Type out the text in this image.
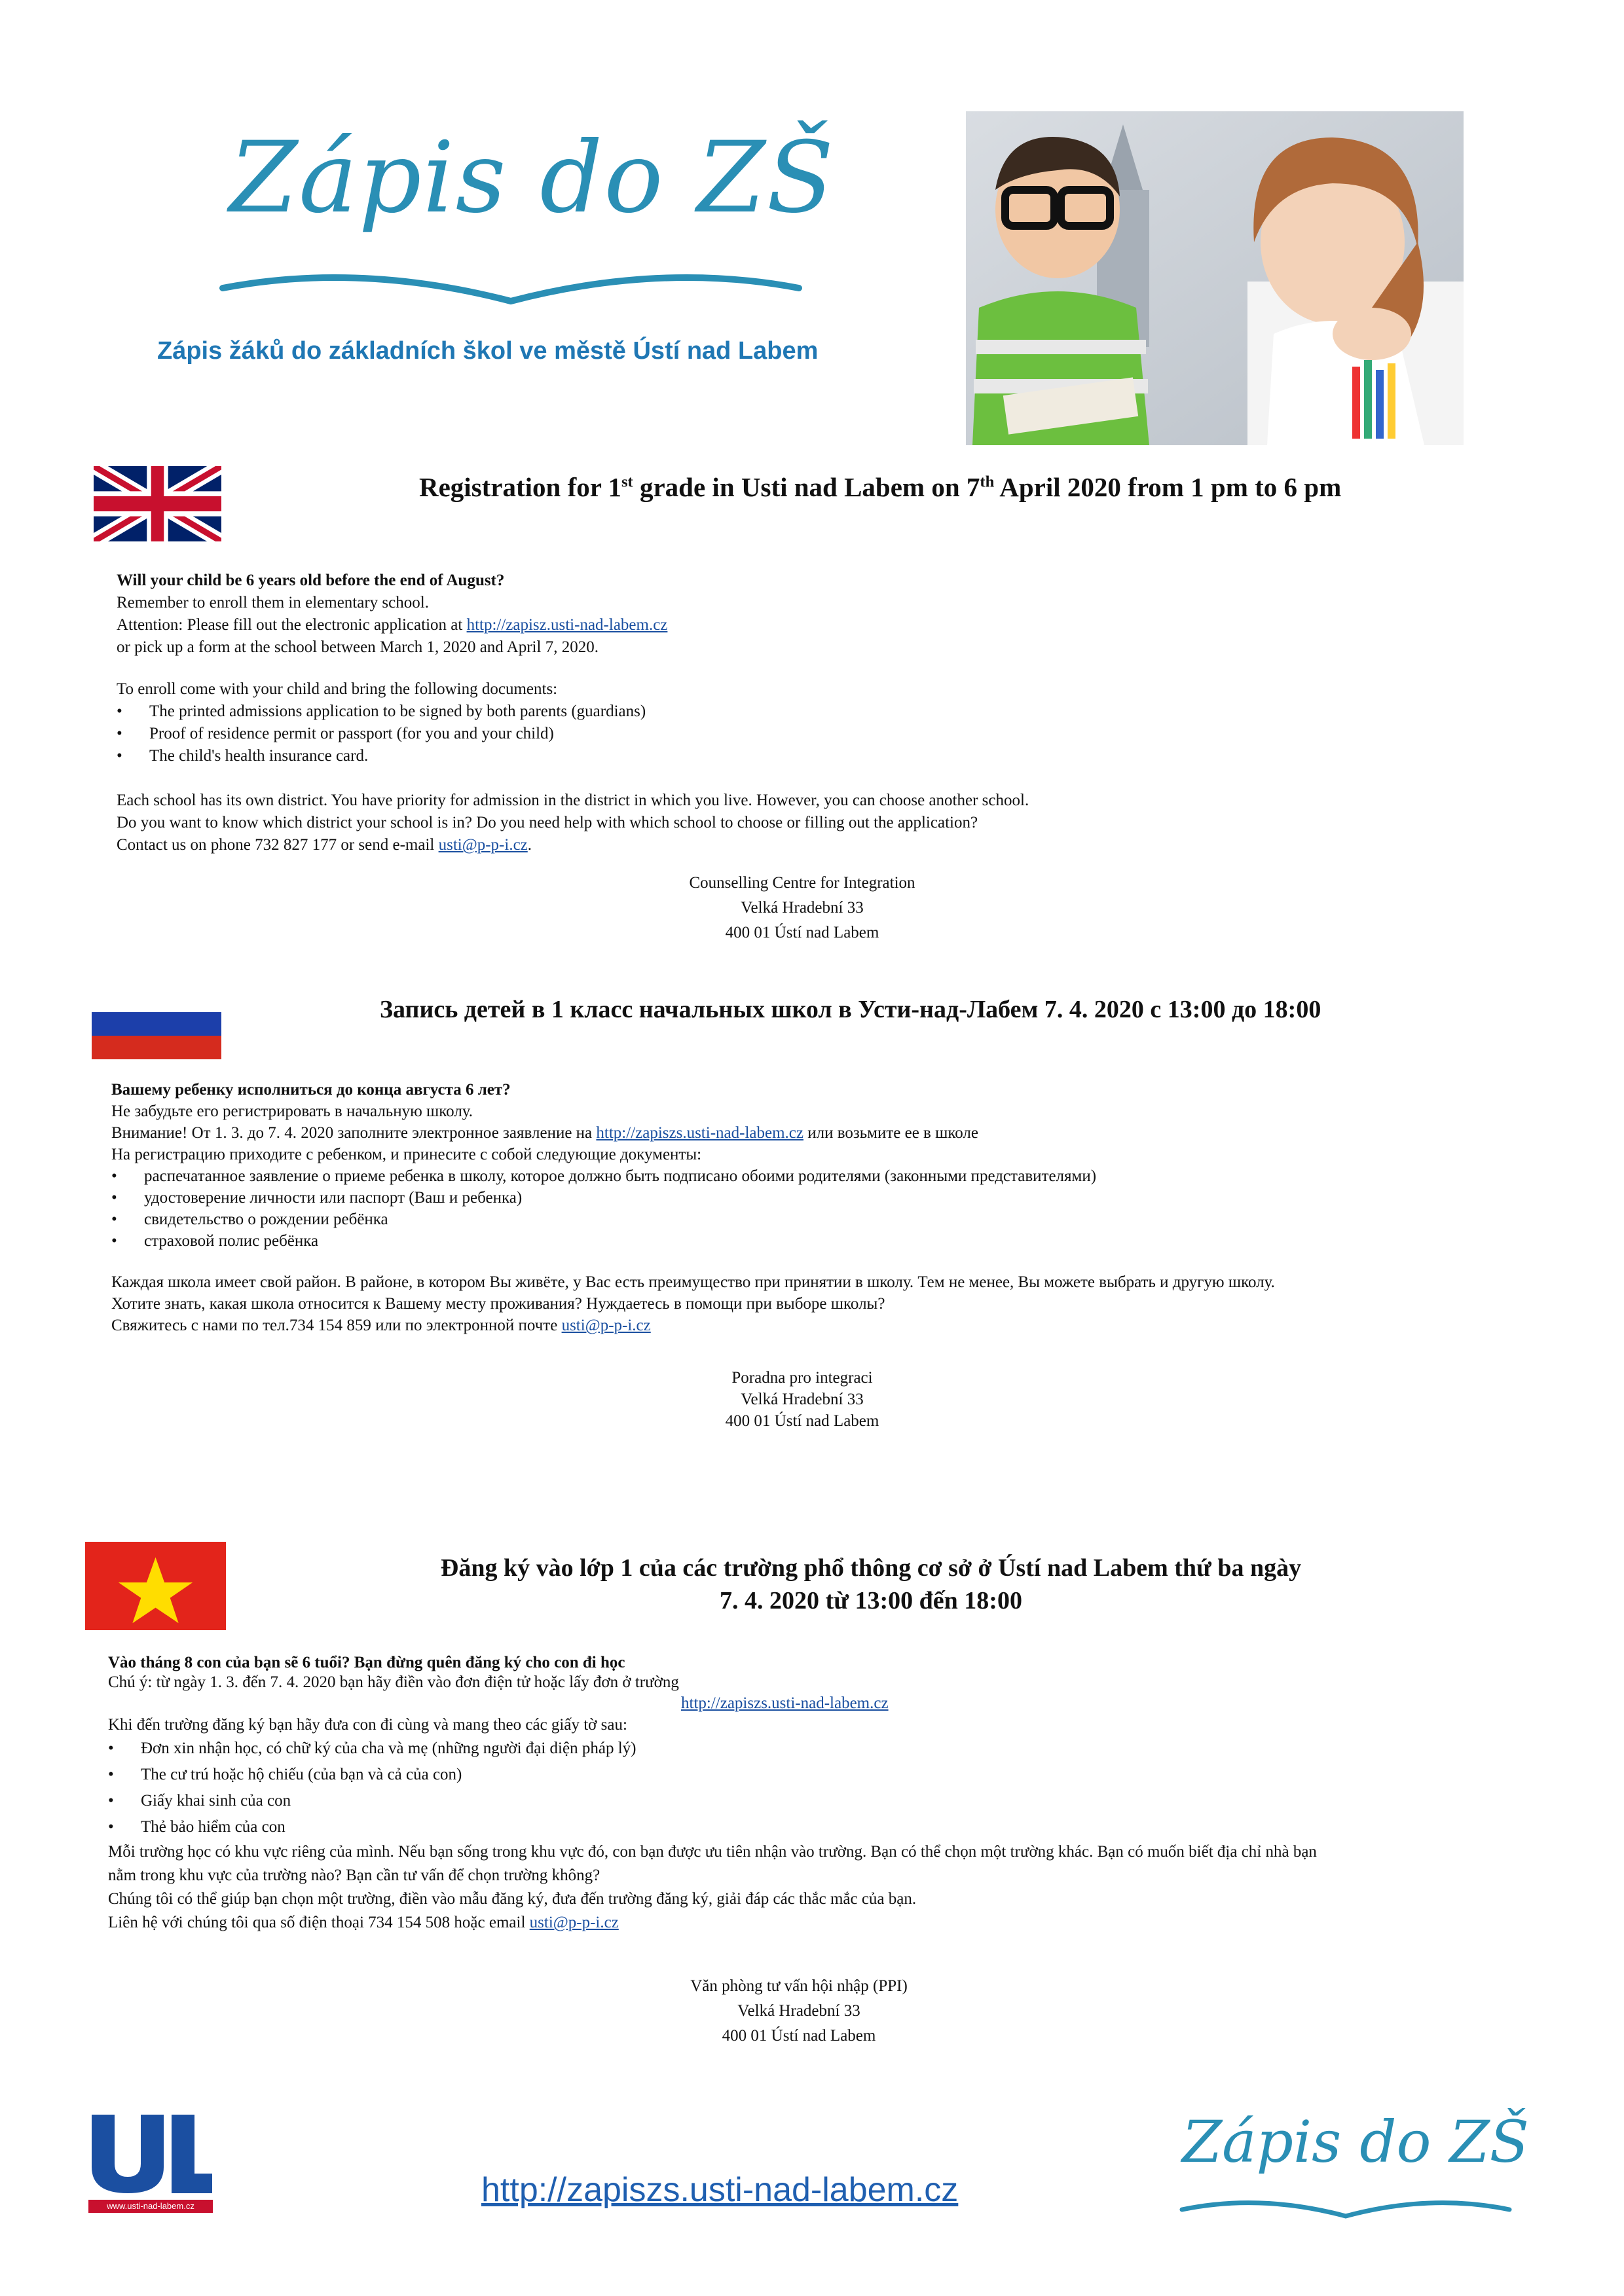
Zápis do ZŠ
Zápis žáků do základních škol ve městě Ústí nad Labem
Registration for 1st grade in Usti nad Labem on 7th April 2020 from 1 pm to 6 pm
Will your child be 6 years old before the end of August?
Remember to enroll them in elementary school.
Attention: Please fill out the electronic application at http://zapisz.usti-nad-labem.cz
or pick up a form at the school between March 1, 2020 and April 7, 2020.
To enroll come with your child and bring the following documents:
• The printed admissions application to be signed by both parents (guardians)
• Proof of residence permit or passport (for you and your child)
• The child's health insurance card.
Each school has its own district. You have priority for admission in the district in which you live. However, you can choose another school.
Do you want to know which district your school is in? Do you need help with which school to choose or filling out the application?
Contact us on phone 732 827 177 or send e-mail usti@p-p-i.cz.
Counselling Centre for Integration
Velká Hradební 33
400 01 Ústí nad Labem
Запись детей в 1 класс начальных школ в Усти-над-Лабем 7. 4. 2020 с 13:00 до 18:00
Вашему ребенку исполниться до конца августа 6 лет?
Не забудьте его регистрировать в начальную школу.
Внимание! От 1. 3. до 7. 4. 2020 заполните электронное заявление на http://zapiszs.usti-nad-labem.cz или возьмите ее в школе
На регистрацию приходите с ребенком, и принесите с собой следующие документы:
• распечатанное заявление о приеме ребенка в школу, которое должно быть подписано обоими родителями (законными представителями)
• удостоверение личности или паспорт (Ваш и ребенка)
• свидетельство о рождении ребёнка
• страховой полис ребёнка
Каждая школа имеет свой район. В районе, в котором Вы живёте, у Вас есть преимущество при принятии в школу. Тем не менее, Вы можете выбрать и другую школу.
Хотите знать, какая школа относится к Вашему месту проживания? Нуждаетесь в помощи при выборе школы?
Свяжитесь с нами по тел.734 154 859 или по электронной почте usti@p-p-i.cz
Poradna pro integraci
Velká Hradební 33
400 01 Ústí nad Labem
Đăng ký vào lớp 1 của các trường phổ thông cơ sở ở Ústí nad Labem thứ ba ngày
7. 4. 2020 từ 13:00 đến 18:00
Vào tháng 8 con của bạn sẽ 6 tuổi? Bạn đừng quên đăng ký cho con đi học
Chú ý: từ ngày 1. 3. đến 7. 4. 2020 bạn hãy điền vào đơn điện tử hoặc lấy đơn ở trường
http://zapiszs.usti-nad-labem.cz
Khi đến trường đăng ký bạn hãy đưa con đi cùng và mang theo các giấy tờ sau:
• Đơn xin nhận học, có chữ ký của cha và mẹ (những người đại diện pháp lý)
• The cư trú hoặc hộ chiếu (của bạn và cả của con)
• Giấy khai sinh của con
• Thẻ bảo hiểm của con
Mỗi trường học có khu vực riêng của mình. Nếu bạn sống trong khu vực đó, con bạn được ưu tiên nhận vào trường. Bạn có thể chọn một trường khác. Bạn có muốn biết địa chỉ nhà bạn
nằm trong khu vực của trường nào? Bạn cần tư vấn để chọn trường không?
Chúng tôi có thể giúp bạn chọn một trường, điền vào mẫu đăng ký, đưa đến trường đăng ký, giải đáp các thắc mắc của bạn.
Liên hệ với chúng tôi qua số điện thoại 734 154 508 hoặc email usti@p-p-i.cz
Văn phòng tư vấn hội nhập (PPI)
Velká Hradební 33
400 01 Ústí nad Labem
www.usti-nad-labem.cz	http://zapiszs.usti-nad-labem.cz
Zápis do ZŠ
